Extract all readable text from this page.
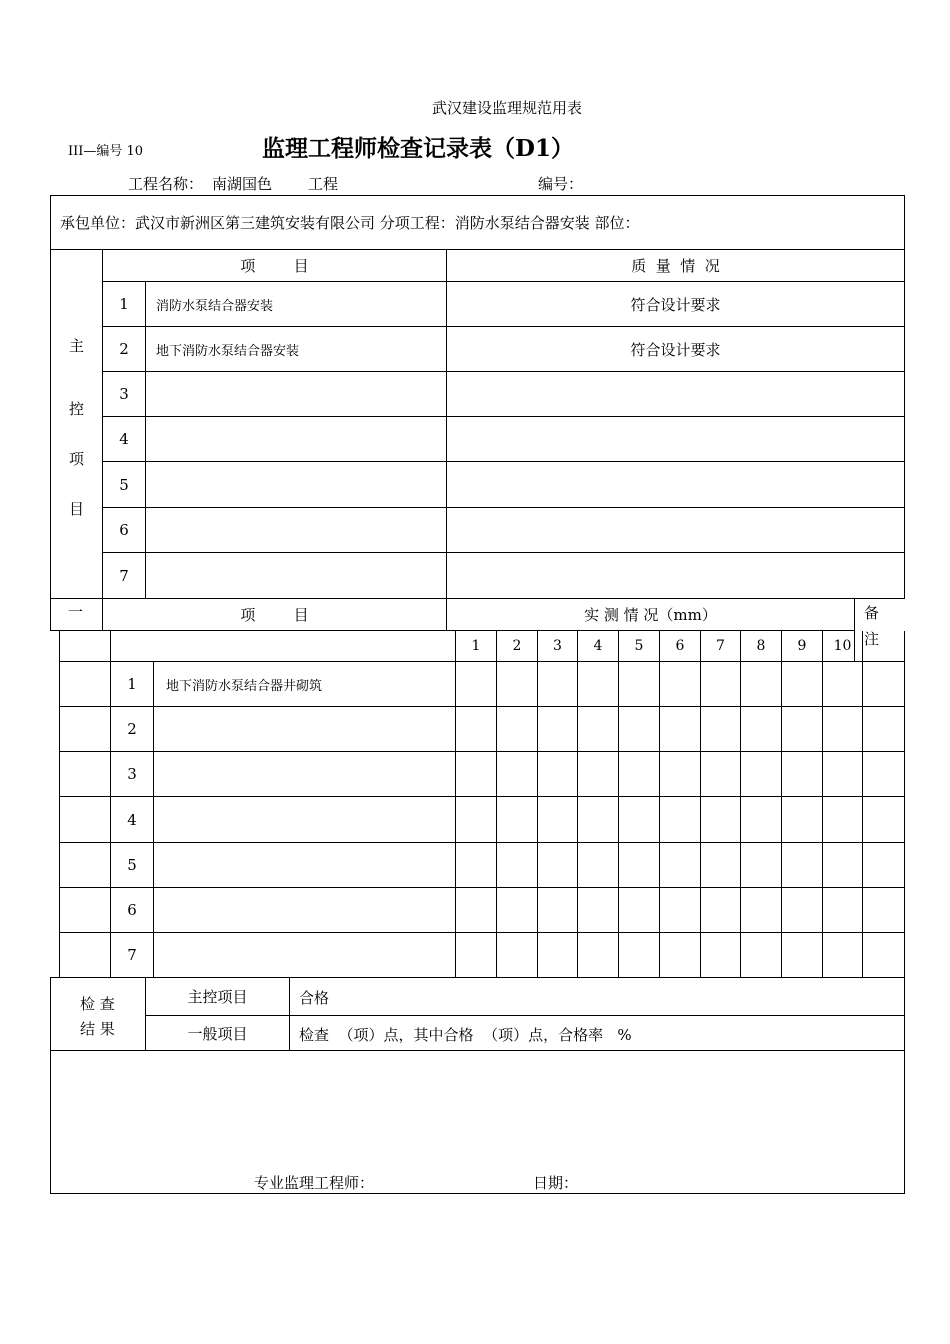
武汉建设监理规范用表
III—编号 10	监理工程师检查记录表（D1）
工程名称： 南湖国色 工程	编号：
承包单位：武汉市新洲区第三建筑安装有限公司 分项工程：消防水泵结合器安装 部位：
主
控
项
目
项        目	质  量  情  况
1	消防水泵结合器安装	符合设计要求
2	地下消防水泵结合器安装	符合设计要求
3
4
5
6
7
一	项        目	实 测 情 况（mm）	备
注
1	2	3	4	5	6	7	8	9	10
1	地下消防水泵结合器井砌筑
2
3
4
5
6
7
检 查
结 果
主控项目	合格
一般项目	检查  （项）点，其中合格  （项）点，合格率   %
专业监理工程师：	日期：
